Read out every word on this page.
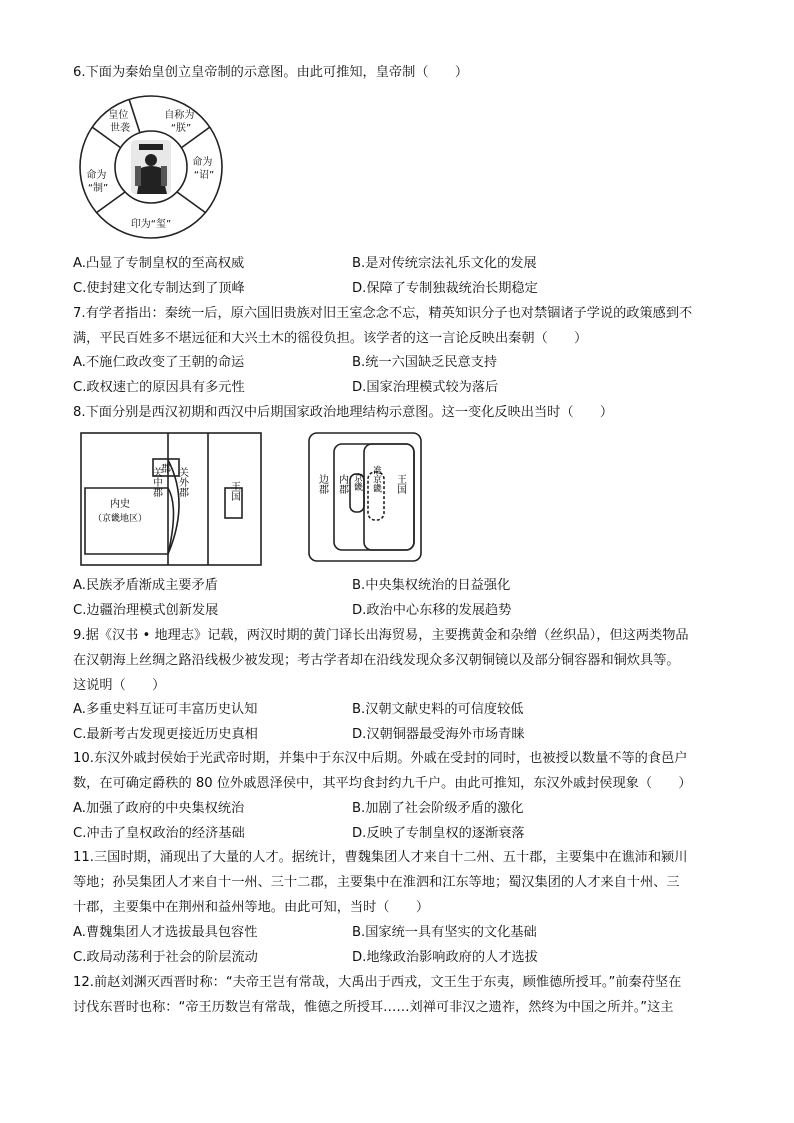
6.下面为秦始皇创立皇帝制的示意图。由此可推知，皇帝制（　　）
皇位 世袭
自称为 “朕”
命为 “诏”
印为“玺”
命为 “制”
A.凸显了专制皇权的至高权威	B.是对传统宗法礼乐文化的发展
C.使封建文化专制达到了顶峰	D.保障了专制独裁统治长期稳定
7.有学者指出：秦统一后，原六国旧贵族对旧王室念念不忘，精英知识分子也对禁锢诸子学说的政策感到不
满，平民百姓多不堪远征和大兴土木的徭役负担。该学者的这一言论反映出秦朝（　　）
A.不施仁政改变了王朝的命运	B.统一六国缺乏民意支持
C.政权速亡的原因具有多元性	D.国家治理模式较为落后
8.下面分别是西汉初期和西汉中后期国家政治地理结构示意图。这一变化反映出当时（　　）
郡
内史
（京畿地区）
关中郡 关外郡	王国	边郡 内郡 京畿 准京畿 王国
A.民族矛盾渐成主要矛盾	B.中央集权统治的日益强化
C.边疆治理模式创新发展	D.政治中心东移的发展趋势
9.据《汉书 • 地理志》记载，两汉时期的黄门译长出海贸易，主要携黄金和杂缯（丝织品），但这两类物品
在汉朝海上丝绸之路沿线极少被发现；考古学者却在沿线发现众多汉朝铜镜以及部分铜容器和铜炊具等。
这说明（　　）
A.多重史料互证可丰富历史认知	B.汉朝文献史料的可信度较低
C.最新考古发现更接近历史真相	D.汉朝铜器最受海外市场青睐
10.东汉外戚封侯始于光武帝时期，并集中于东汉中后期。外戚在受封的同时，也被授以数量不等的食邑户
数，在可确定爵秩的 80 位外戚恩泽侯中，其平均食封约九千户。由此可推知，东汉外戚封侯现象（　　）
A.加强了政府的中央集权统治	B.加剧了社会阶级矛盾的激化
C.冲击了皇权政治的经济基础	D.反映了专制皇权的逐渐衰落
11.三国时期，涌现出了大量的人才。据统计，曹魏集团人才来自十二州、五十郡，主要集中在谯沛和颍川
等地；孙吴集团人才来自十一州、三十二郡，主要集中在淮泗和江东等地；蜀汉集团的人才来自十州、三
十郡，主要集中在荆州和益州等地。由此可知，当时（　　）
A.曹魏集团人才选拔最具包容性	B.国家统一具有坚实的文化基础
C.政局动荡利于社会的阶层流动	D.地缘政治影响政府的人才选拔
12.前赵刘渊灭西晋时称：“夫帝王岂有常哉，大禹出于西戎，文王生于东夷，顾惟德所授耳。”前秦苻坚在
讨伐东晋时也称：“帝王历数岂有常哉，惟德之所授耳……刘禅可非汉之遗祚，然终为中国之所并。”这主
